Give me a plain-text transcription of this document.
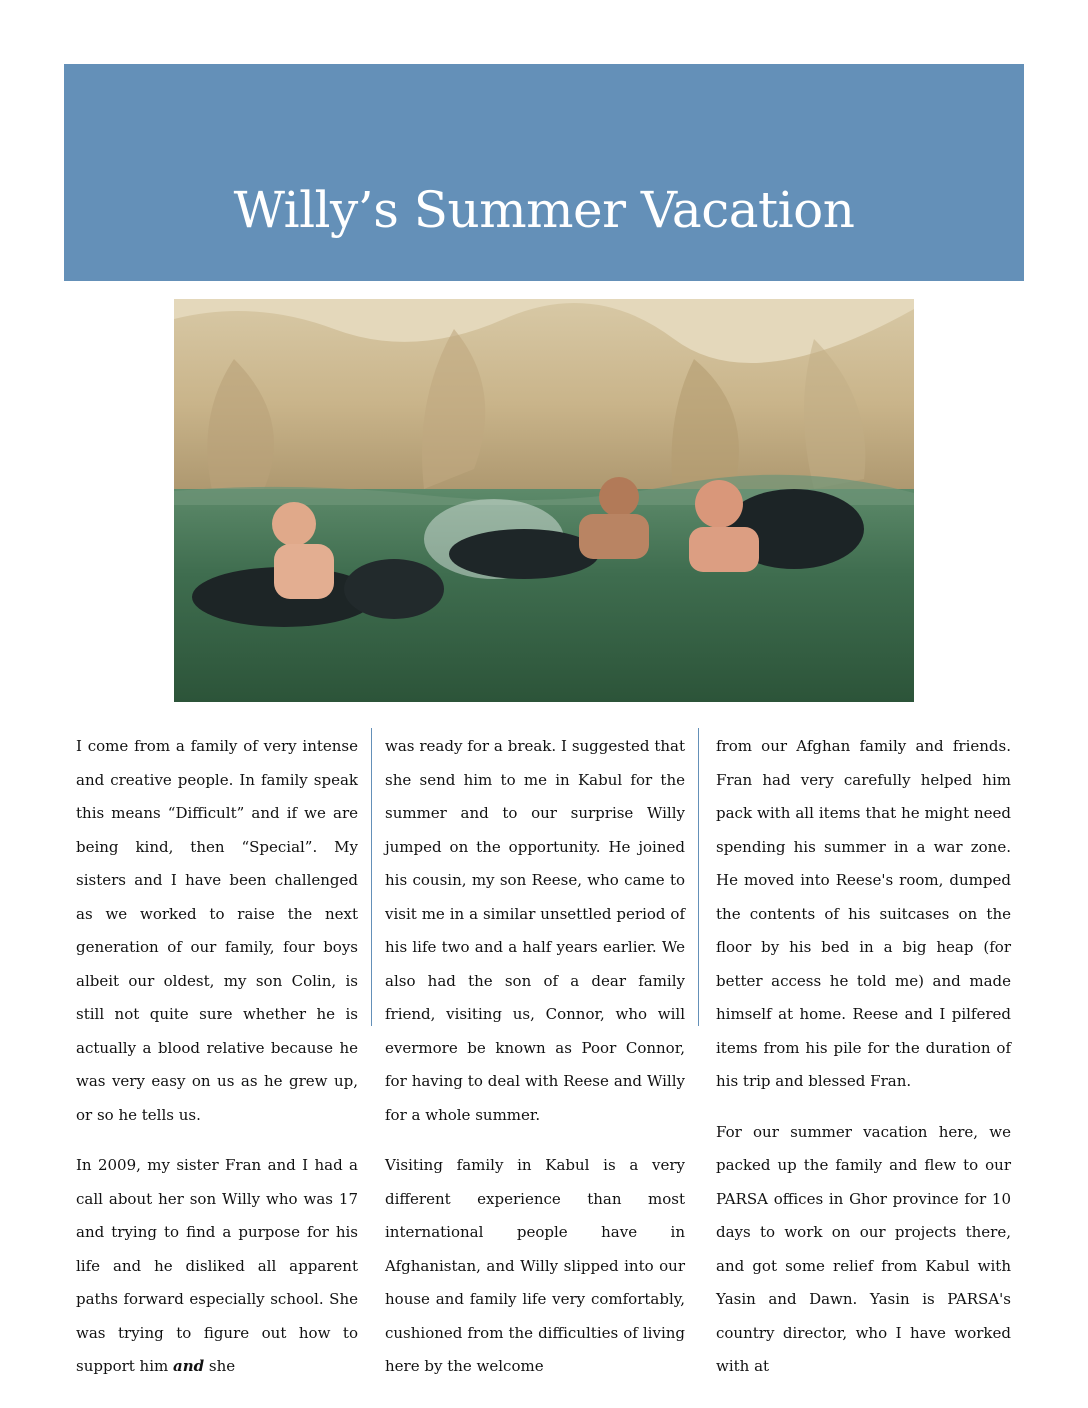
Willy’s Summer Vacation

I come from a family of very intense and creative people. In family speak this means “Difficult” and if we are being kind, then “Special”. My sisters and I have been challenged as we worked to raise the next generation of our family, four boys albeit our oldest, my son Colin, is still not quite sure whether he is actually a blood relative because he was very easy on us as he grew up, or so he tells us.

In 2009, my sister Fran and I had a call about her son Willy who was 17 and trying to find a purpose for his life and he disliked all apparent paths forward especially school. She was trying to figure out how to support him and she

was ready for a break. I suggested that she send him to me in Kabul for the summer and to our surprise Willy jumped on the opportunity. He joined his cousin, my son Reese, who came to visit me in a similar unsettled period of his life two and a half years earlier. We also had the son of a dear family friend, visiting us, Connor, who will evermore be known as Poor Connor, for having to deal with Reese and Willy for a whole summer.

Visiting family in Kabul is a very different experience than most international people have in Afghanistan, and Willy slipped into our house and family life very comfortably, cushioned from the difficulties of living here by the welcome

from our Afghan family and friends. Fran had very carefully helped him pack with all items that he might need spending his summer in a war zone. He moved into Reese's room, dumped the contents of his suitcases on the floor by his bed in a big heap (for better access he told me) and made himself at home. Reese and I pilfered items from his pile for the duration of his trip and blessed Fran.

For our summer vacation here, we packed up the family and flew to our PARSA offices in Ghor province for 10 days to work on our projects there, and got some relief from Kabul with Yasin and Dawn. Yasin is PARSA's country director, who I have worked with at
